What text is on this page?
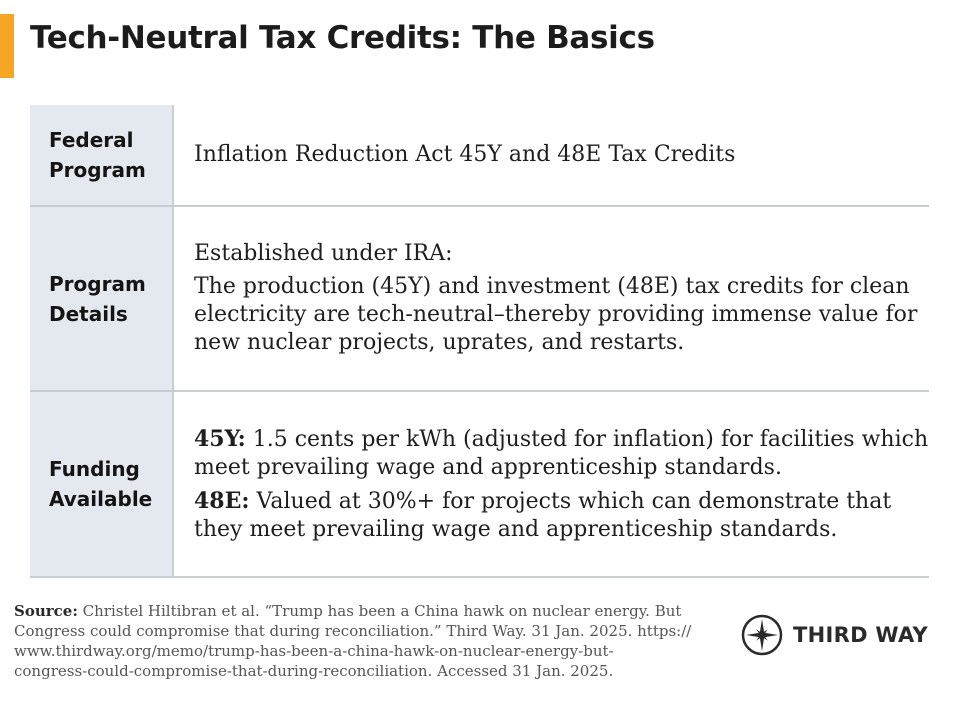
Tech-Neutral Tax Credits: The Basics
Federal
Program

Inflation Reduction Act 45Y and 48E Tax Credits

Program
Details

Established under IRA:

The production (45Y) and investment (48E) tax credits for clean electricity are tech-neutral–thereby providing immense value for new nuclear projects, uprates, and restarts.

Funding
Available

45Y: 1.5 cents per kWh (adjusted for inflation) for facilities which meet prevailing wage and apprenticeship standards.

48E: Valued at 30%+ for projects which can demonstrate that they meet prevailing wage and apprenticeship standards.

Source: Christel Hiltibran et al. “Trump has been a China hawk on nuclear energy. But
Congress could compromise that during reconciliation.” Third Way. 31 Jan. 2025. https://
www.thirdway.org/memo/trump-has-been-a-china-hawk-on-nuclear-energy-but-
congress-could-compromise-that-during-reconciliation. Accessed 31 Jan. 2025.
THIRD WAY
